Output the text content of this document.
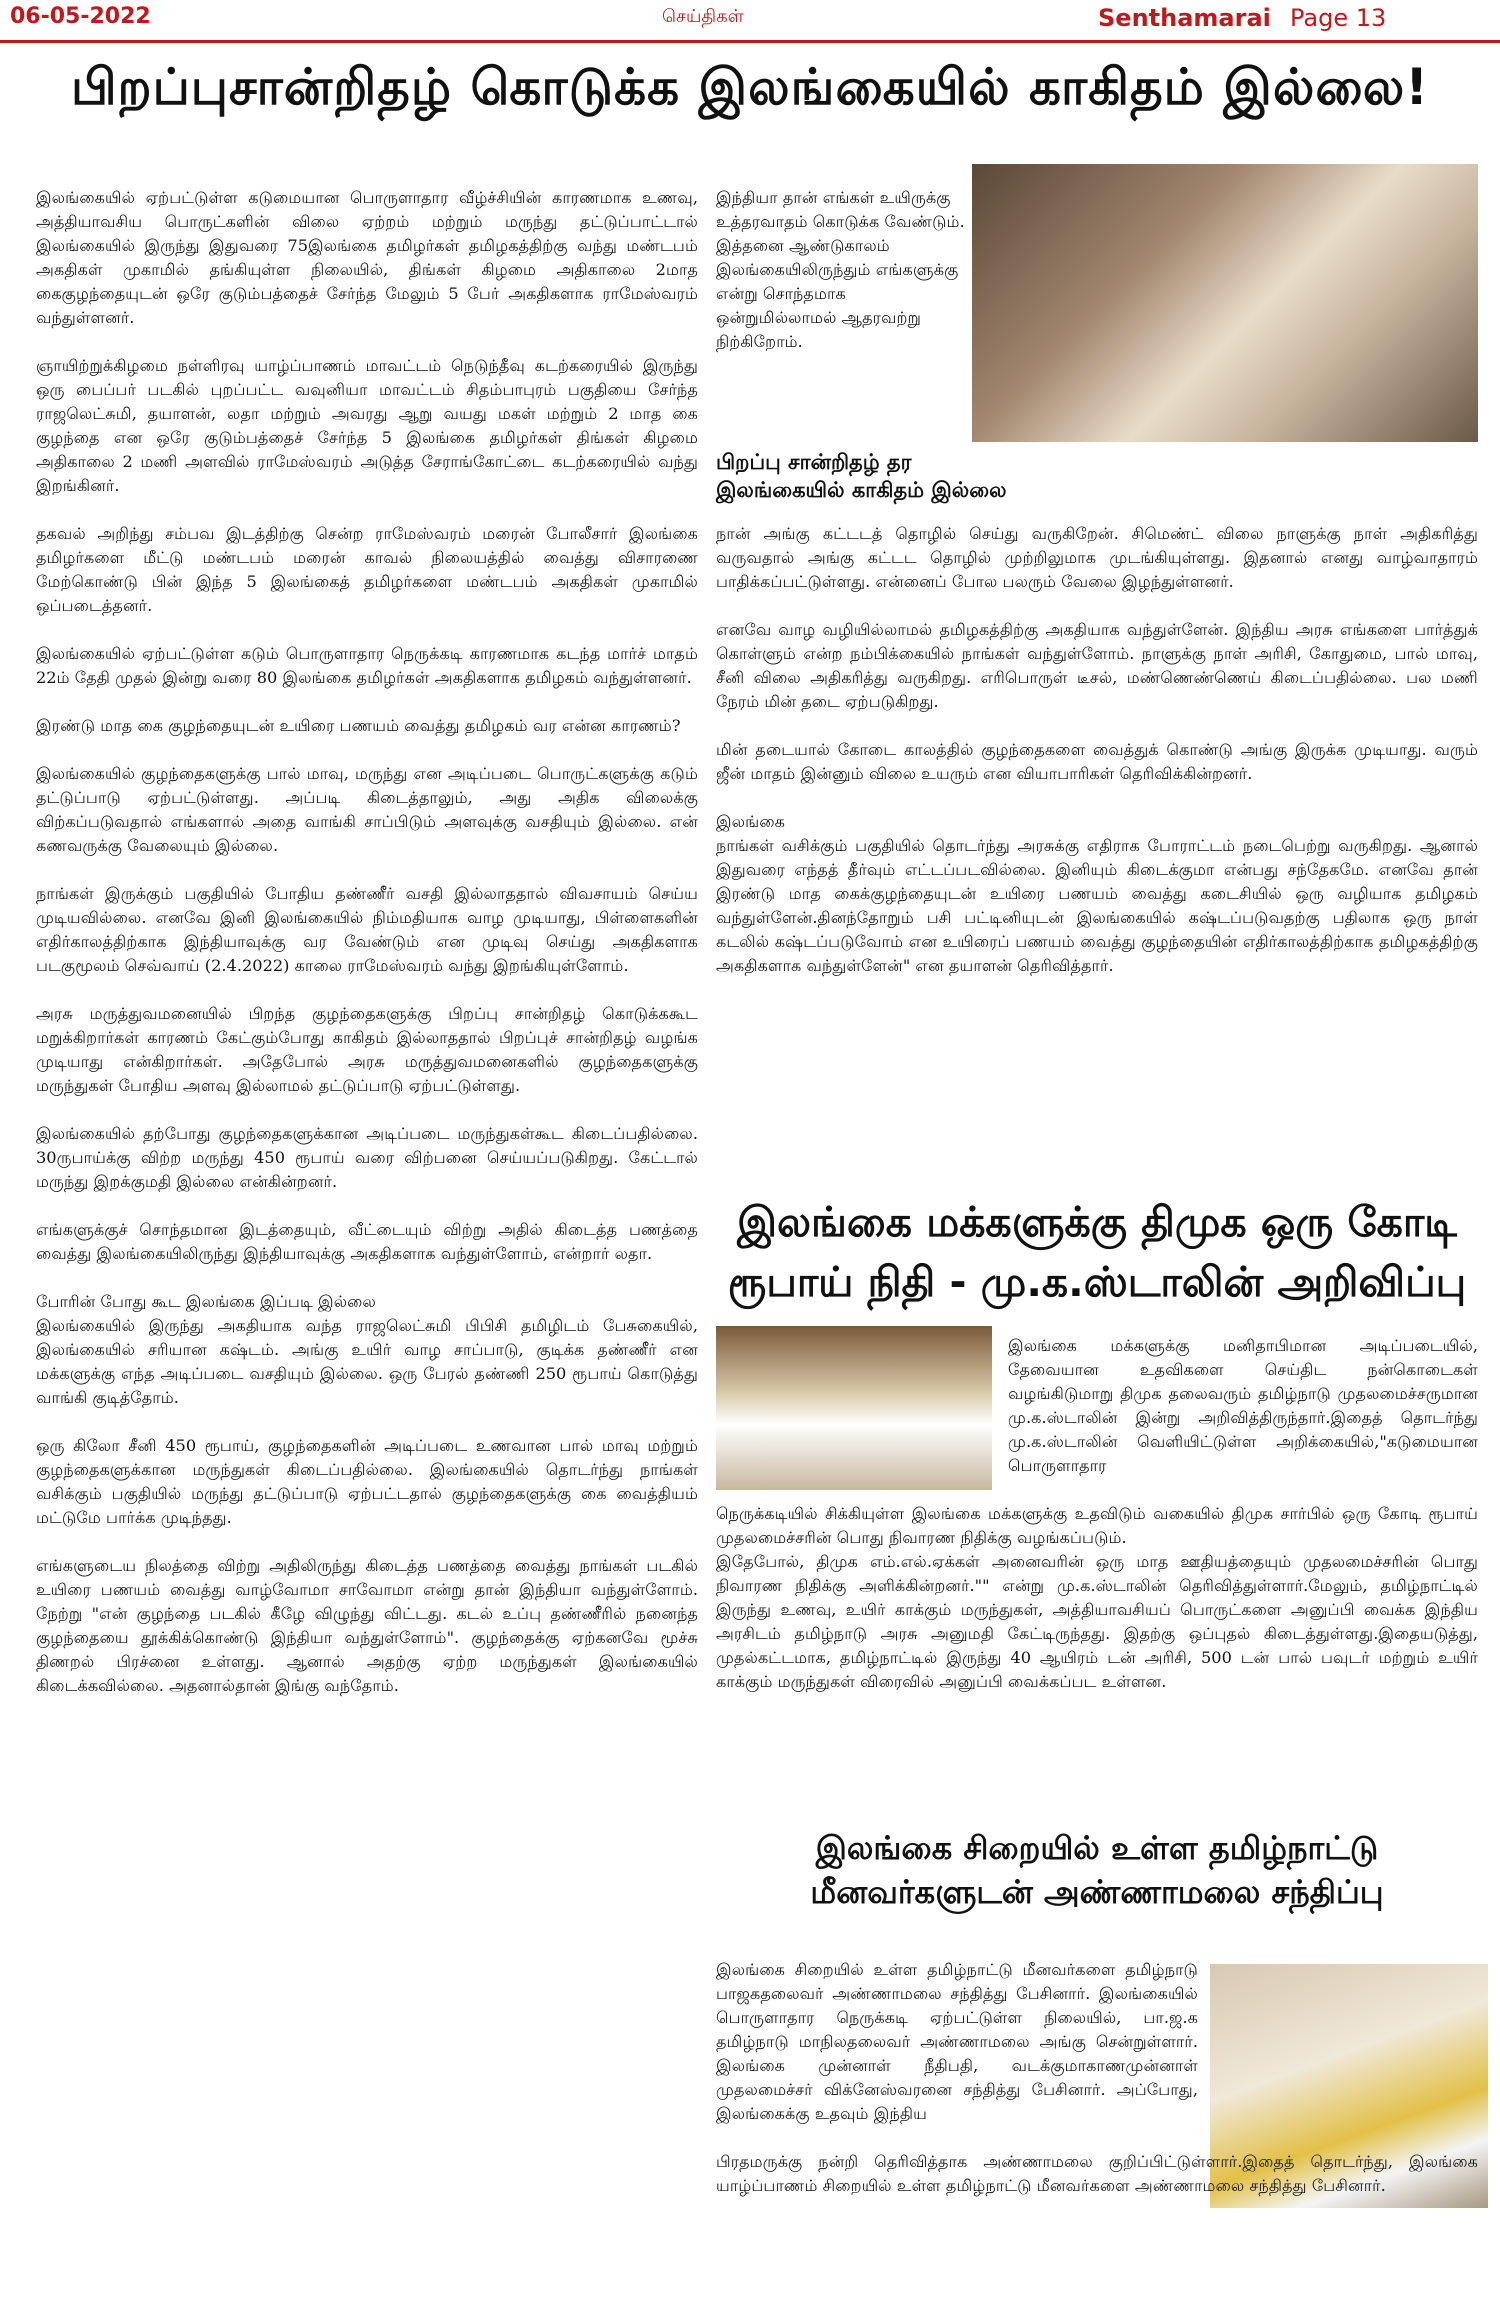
06-05-2022	செய்திகள்	Senthamarai Page 13
பிறப்புசான்றிதழ் கொடுக்க இலங்கையில் காகிதம் இல்லை!

இலங்கையில் ஏற்பட்டுள்ள கடுமையான பொருளாதார வீழ்ச்சியின் காரணமாக உணவு, அத்தியாவசிய பொருட்களின் விலை ஏற்றம் மற்றும் மருந்து தட்டுப்பாட்டால் இலங்கையில் இருந்து இதுவரை 75இலங்கை தமிழர்கள் தமிழகத்திற்கு வந்து மண்டபம் அகதிகள் முகாமில் தங்கியுள்ள நிலையில், திங்கள் கிழமை அதிகாலை 2மாத கைகுழந்தையுடன் ஒரே குடும்பத்தைச் சேர்ந்த மேலும் 5 பேர் அகதிகளாக ராமேஸ்வரம் வந்துள்ளனர்.

ஞாயிற்றுக்கிழமை நள்ளிரவு யாழ்ப்பாணம் மாவட்டம் நெடுந்தீவு கடற்கரையில் இருந்து ஒரு பைப்பர் படகில் புறப்பட்ட வவுனியா மாவட்டம் சிதம்பாபுரம் பகுதியை சேர்ந்த ராஜலெட்சுமி, தயாளன், லதா மற்றும் அவரது ஆறு வயது மகள் மற்றும் 2 மாத கை குழந்தை என ஒரே குடும்பத்தைச் சேர்ந்த 5 இலங்கை தமிழர்கள் திங்கள் கிழமை அதிகாலை 2 மணி அளவில் ராமேஸ்வரம் அடுத்த சேராங்கோட்டை கடற்கரையில் வந்து இறங்கினர்.

தகவல் அறிந்து சம்பவ இடத்திற்கு சென்ற ராமேஸ்வரம் மரைன் போலீசார் இலங்கை தமிழர்களை மீட்டு மண்டபம் மரைன் காவல் நிலையத்தில் வைத்து விசாரணை மேற்கொண்டு பின் இந்த 5 இலங்கைத் தமிழர்களை மண்டபம் அகதிகள் முகாமில் ஒப்படைத்தனர்.

இலங்கையில் ஏற்பட்டுள்ள கடும் பொருளாதார நெருக்கடி காரணமாக கடந்த மார்ச் மாதம் 22ம் தேதி முதல் இன்று வரை 80 இலங்கை தமிழர்கள் அகதிகளாக தமிழகம் வந்துள்ளனர்.

இரண்டு மாத கை குழந்தையுடன் உயிரை பணயம் வைத்து தமிழகம் வர என்ன காரணம்?

இலங்கையில் குழந்தைகளுக்கு பால் மாவு, மருந்து என அடிப்படை பொருட்களுக்கு கடும் தட்டுப்பாடு ஏற்பட்டுள்ளது. அப்படி கிடைத்தாலும், அது அதிக விலைக்கு விற்கப்படுவதால் எங்களால் அதை வாங்கி சாப்பிடும் அளவுக்கு வசதியும் இல்லை. என் கணவருக்கு வேலையும் இல்லை.

நாங்கள் இருக்கும் பகுதியில் போதிய தண்ணீர் வசதி இல்லாததால் விவசாயம் செய்ய முடியவில்லை. எனவே இனி இலங்கையில் நிம்மதியாக வாழ முடியாது, பிள்ளைகளின் எதிர்காலத்திற்காக இந்தியாவுக்கு வர வேண்டும் என முடிவு செய்து அகதிகளாக படகுமூலம் செவ்வாய் (2.4.2022) காலை ராமேஸ்வரம் வந்து இறங்கியுள்ளோம்.

அரசு மருத்துவமனையில் பிறந்த குழந்தைகளுக்கு பிறப்பு சான்றிதழ் கொடுக்ககூட மறுக்கிறார்கள் காரணம் கேட்கும்போது காகிதம் இல்லாததால் பிறப்புச் சான்றிதழ் வழங்க முடியாது என்கிறார்கள். அதேபோல் அரசு மருத்துவமனைகளில் குழந்தைகளுக்கு மருந்துகள் போதிய அளவு இல்லாமல் தட்டுப்பாடு ஏற்பட்டுள்ளது.

இலங்கையில் தற்போது குழந்தைகளுக்கான அடிப்படை மருந்துகள்கூட கிடைப்பதில்லை. 30ருபாய்க்கு விற்ற மருந்து 450 ரூபாய் வரை விற்பனை செய்யப்படுகிறது. கேட்டால் மருந்து இறக்குமதி இல்லை என்கின்றனர்.

எங்களுக்குச் சொந்தமான இடத்தையும், வீட்டையும் விற்று அதில் கிடைத்த பணத்தை வைத்து இலங்கையிலிருந்து இந்தியாவுக்கு அகதிகளாக வந்துள்ளோம், என்றார் லதா.

போரின் போது கூட இலங்கை இப்படி இல்லை
இலங்கையில் இருந்து அகதியாக வந்த ராஜலெட்சுமி பிபிசி தமிழிடம் பேசுகையில், இலங்கையில் சரியான கஷ்டம். அங்கு உயிர் வாழ சாப்பாடு, குடிக்க தண்ணீர் என மக்களுக்கு எந்த அடிப்படை வசதியும் இல்லை. ஒரு பேரல் தண்ணி 250 ரூபாய் கொடுத்து வாங்கி குடித்தோம்.

ஒரு கிலோ சீனி 450 ரூபாய், குழந்தைகளின் அடிப்படை உணவான பால் மாவு மற்றும் குழந்தைகளுக்கான மருந்துகள் கிடைப்பதில்லை. இலங்கையில் தொடர்ந்து நாங்கள் வசிக்கும் பகுதியில் மருந்து தட்டுப்பாடு ஏற்பட்டதால் குழந்தைகளுக்கு கை வைத்தியம் மட்டுமே பார்க்க முடிந்தது.

எங்களுடைய நிலத்தை விற்று அதிலிருந்து கிடைத்த பணத்தை வைத்து நாங்கள் படகில் உயிரை பணயம் வைத்து வாழ்வோமா சாவோமா என்று தான் இந்தியா வந்துள்ளோம். நேற்று "என் குழந்தை படகில் கீழே விழுந்து விட்டது. கடல் உப்பு தண்ணீரில் நனைந்த குழந்தையை தூக்கிக்கொண்டு இந்தியா வந்துள்ளோம்". குழந்தைக்கு ஏற்கனவே மூச்சு திணறல் பிரச்னை உள்ளது. ஆனால் அதற்கு ஏற்ற மருந்துகள் இலங்கையில் கிடைக்கவில்லை. அதனால்தான் இங்கு வந்தோம்.

இந்தியா தான் எங்கள் உயிருக்கு உத்தரவாதம் கொடுக்க வேண்டும். இத்தனை ஆண்டுகாலம் இலங்கையிலிருந்தும் எங்களுக்கு என்று சொந்தமாக ஒன்றுமில்லாமல் ஆதரவற்று நிற்கிறோம்.
பிறப்பு சான்றிதழ் தர
இலங்கையில் காகிதம் இல்லை

நான் அங்கு கட்டடத் தொழில் செய்து வருகிறேன். சிமெண்ட் விலை நாளுக்கு நாள் அதிகரித்து வருவதால் அங்கு கட்டட தொழில் முற்றிலுமாக முடங்கியுள்ளது. இதனால் எனது வாழ்வாதாரம் பாதிக்கப்பட்டுள்ளது. என்னைப் போல பலரும் வேலை இழந்துள்ளனர்.

எனவே வாழ வழியில்லாமல் தமிழகத்திற்கு அகதியாக வந்துள்ளேன். இந்திய அரசு எங்களை பார்த்துக் கொள்ளும் என்ற நம்பிக்கையில் நாங்கள் வந்துள்ளோம். நாளுக்கு நாள் அரிசி, கோதுமை, பால் மாவு, சீனி விலை அதிகரித்து வருகிறது. எரிபொருள் டீசல், மண்ணெண்ணெய் கிடைப்பதில்லை. பல மணி நேரம் மின் தடை ஏற்படுகிறது.

மின் தடையால் கோடை காலத்தில் குழந்தைகளை வைத்துக் கொண்டு அங்கு இருக்க முடியாது. வரும் ஜீன் மாதம் இன்னும் விலை உயரும் என வியாபாரிகள் தெரிவிக்கின்றனர்.

இலங்கை
நாங்கள் வசிக்கும் பகுதியில் தொடர்ந்து அரசுக்கு எதிராக போராட்டம் நடைபெற்று வருகிறது. ஆனால் இதுவரை எந்தத் தீர்வும் எட்டப்படவில்லை. இனியும் கிடைக்குமா என்பது சந்தேகமே. எனவே தான் இரண்டு மாத கைக்குழந்தையுடன் உயிரை பணயம் வைத்து கடைசியில் ஒரு வழியாக தமிழகம் வந்துள்ளேன்.தினந்தோறும் பசி பட்டினியுடன் இலங்கையில் கஷ்டப்படுவதற்கு பதிலாக ஒரு நாள் கடலில் கஷ்டப்படுவோம் என உயிரைப் பணயம் வைத்து குழந்தையின் எதிர்காலத்திற்காக தமிழகத்திற்கு அகதிகளாக வந்துள்ளேன்" என தயாளன் தெரிவித்தார்.

இலங்கை மக்களுக்கு திமுக ஒரு கோடி ரூபாய் நிதி - மு.க.ஸ்டாலின் அறிவிப்பு
இலங்கை மக்களுக்கு மனிதாபிமான அடிப்படையில், தேவையான உதவிகளை செய்திட நன்கொடைகள் வழங்கிடுமாறு திமுக தலைவரும் தமிழ்நாடு முதலமைச்சருமான மு.க.ஸ்டாலின் இன்று அறிவித்திருந்தார்.இதைத் தொடர்ந்து மு.க.ஸ்டாலின் வெளியிட்டுள்ள அறிக்கையில்,"கடுமையான பொருளாதார
நெருக்கடியில் சிக்கியுள்ள இலங்கை மக்களுக்கு உதவிடும் வகையில் திமுக சார்பில் ஒரு கோடி ரூபாய் முதலமைச்சரின் பொது நிவாரண நிதிக்கு வழங்கப்படும்.
இதேபோல், திமுக எம்.எல்.ஏக்கள் அனைவரின் ஒரு மாத ஊதியத்தையும் முதலமைச்சரின் பொது நிவாரண நிதிக்கு அளிக்கின்றனர்."" என்று மு.க.ஸ்டாலின் தெரிவித்துள்ளார்.மேலும், தமிழ்நாட்டில் இருந்து உணவு, உயிர் காக்கும் மருந்துகள், அத்தியாவசியப் பொருட்களை அனுப்பி வைக்க இந்திய அரசிடம் தமிழ்நாடு அரசு அனுமதி கேட்டிருந்தது. இதற்கு ஒப்புதல் கிடைத்துள்ளது.இதையடுத்து, முதல்கட்டமாக, தமிழ்நாட்டில் இருந்து 40 ஆயிரம் டன் அரிசி, 500 டன் பால் பவுடர் மற்றும் உயிர் காக்கும் மருந்துகள் விரைவில் அனுப்பி வைக்கப்பட உள்ளன.
இலங்கை சிறையில் உள்ள தமிழ்நாட்டு மீனவர்களுடன் அண்ணாமலை சந்திப்பு
இலங்கை சிறையில் உள்ள தமிழ்நாட்டு மீனவர்களை தமிழ்நாடு பாஜகதலைவர் அண்ணாமலை சந்தித்து பேசினார். இலங்கையில் பொருளாதார நெருக்கடி ஏற்பட்டுள்ள நிலையில், பா.ஜ.க தமிழ்நாடு மாநிலதலைவர் அண்ணாமலை அங்கு சென்றுள்ளார். இலங்கை முன்னாள் நீதிபதி, வடக்குமாகாணமுன்னாள் முதலமைச்சர் விக்னேஸ்வரனை சந்தித்து பேசினார். அப்போது, இலங்கைக்கு உதவும் இந்திய
பிரதமருக்கு நன்றி தெரிவித்தாக அண்ணாமலை குறிப்பிட்டுள்ளார்.இதைத் தொடர்ந்து, இலங்கை யாழ்ப்பாணம் சிறையில் உள்ள தமிழ்நாட்டு மீனவர்களை அண்ணாமலை சந்தித்து பேசினார்.
